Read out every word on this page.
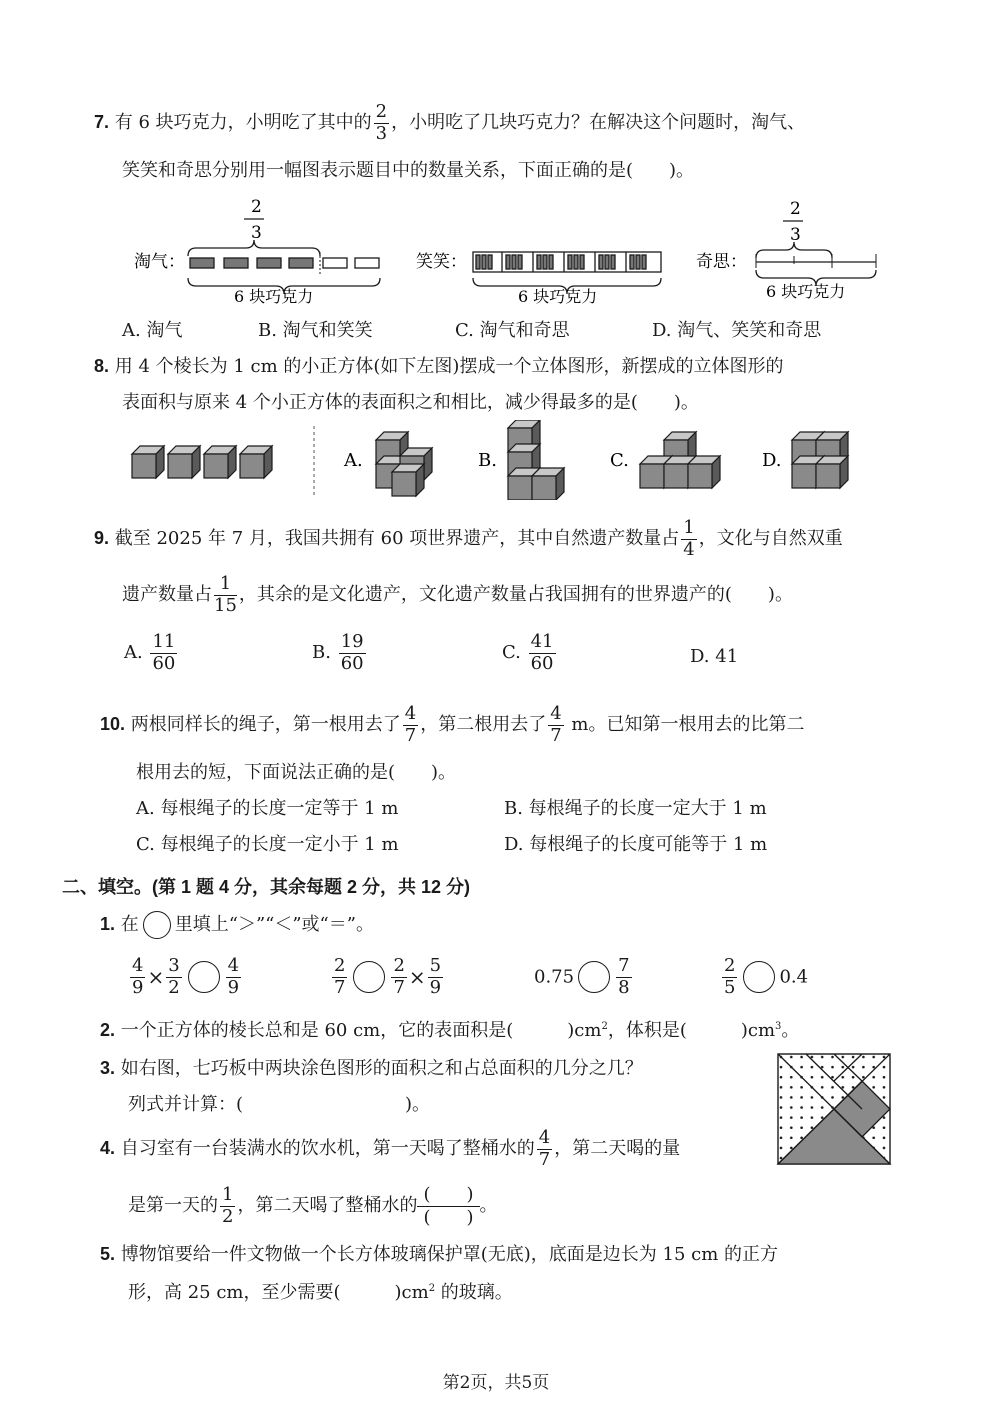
7. 有 6 块巧克力，小明吃了其中的 $\frac{2}{3}$ ，小明吃了几块巧克力？在解决这个问题时，淘气、
笑笑和奇思分别用一幅图表示题目中的数量关系，下面正确的是(　　)。
淘气：
2
3
6 块巧克力
笑笑：
6 块巧克力
奇思：
2
3
6 块巧克力
A. 淘气	B. 淘气和笑笑	C. 淘气和奇思	D. 淘气、笑笑和奇思
8. 用 4 个棱长为 1 cm 的小正方体(如下左图)摆成一个立体图形，新摆成的立体图形的
表面积与原来 4 个小正方体的表面积之和相比，减少得最多的是(　　)。
A.	B.	C.	D.
9. 截至 2025 年 7 月，我国共拥有 60 项世界遗产，其中自然遗产数量占 $\frac{1}{4}$ ，文化与自然双重
遗产数量占 $\frac{1}{15}$ ，其余的是文化遗产，文化遗产数量占我国拥有的世界遗产的(　　)。
A. $\frac{11}{60}$	B. $\frac{19}{60}$	C. $\frac{41}{60}$	D. 41
10. 两根同样长的绳子，第一根用去了 $\frac{4}{7}$ ，第二根用去了 $\frac{4}{7}$ m。已知第一根用去的比第二
根用去的短，下面说法正确的是(　　)。
A. 每根绳子的长度一定等于 1 m	B. 每根绳子的长度一定大于 1 m
C. 每根绳子的长度一定小于 1 m	D. 每根绳子的长度可能等于 1 m
二、填空。(第 1 题 4 分，其余每题 2 分，共 12 分)
1. 在 里填上“＞”“＜”或“＝”。
$\frac{4}{9} \times \frac{3}{2} \frac{4}{9}$	$\frac{2}{7} \frac{2}{7} \times \frac{5}{9}$	$0.75 \frac{7}{8}$	$\frac{2}{5} 0.4$
2. 一个正方体的棱长总和是 60 cm，它的表面积是(　　　)$cm^2$，体积是(　　　)$cm^3$。
3. 如右图，七巧板中两块涂色图形的面积之和占总面积的几分之几？
列式并计算：(　　　　　　　　　)。
4. 自习室有一台装满水的饮水机，第一天喝了整桶水的 $\frac{4}{7}$ ，第二天喝的量
是第一天的 $\frac{1}{2}$ ，第二天喝了整桶水的
(　　)
(　　)
。
5. 博物馆要给一件文物做一个长方体玻璃保护罩(无底)，底面是边长为 15 cm 的正方
形，高 25 cm，至少需要(　　　)$cm^2$ 的玻璃。
第2页，共5页
